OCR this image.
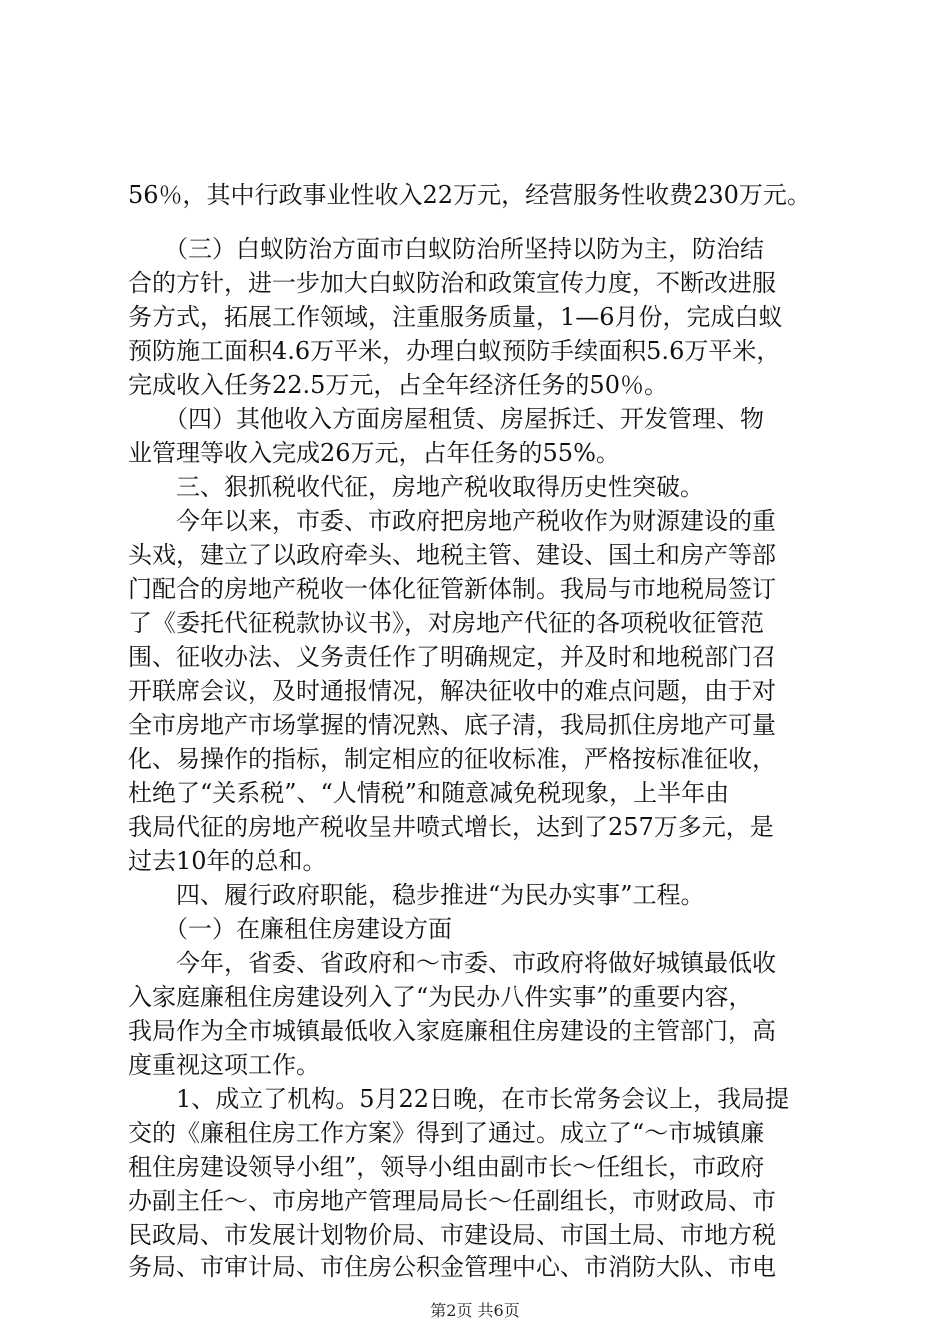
56％，其中行政事业性收入22万元，经营服务性收费230万元。
　　（三）白蚁防治方面市白蚁防治所坚持以防为主，防治结
合的方针，进一步加大白蚁防治和政策宣传力度，不断改进服
务方式，拓展工作领域，注重服务质量，1—6月份，完成白蚁
预防施工面积4.6万平米，办理白蚁预防手续面积5.6万平米，
完成收入任务22.5万元，占全年经济任务的50％。
　　（四）其他收入方面房屋租赁、房屋拆迁、开发管理、物
业管理等收入完成26万元，占年任务的55%。
　　三、狠抓税收代征，房地产税收取得历史性突破。
　　今年以来，市委、市政府把房地产税收作为财源建设的重
头戏，建立了以政府牵头、地税主管、建设、国土和房产等部
门配合的房地产税收一体化征管新体制。我局与市地税局签订
了《委托代征税款协议书》，对房地产代征的各项税收征管范
围、征收办法、义务责任作了明确规定，并及时和地税部门召
开联席会议，及时通报情况，解决征收中的难点问题，由于对
全市房地产市场掌握的情况熟、底子清，我局抓住房地产可量
化、易操作的指标，制定相应的征收标准，严格按标准征收，
杜绝了“关系税”、“人情税”和随意减免税现象，上半年由
我局代征的房地产税收呈井喷式增长，达到了257万多元，是
过去10年的总和。
　　四、履行政府职能，稳步推进“为民办实事”工程。
　　（一）在廉租住房建设方面
　　今年，省委、省政府和～市委、市政府将做好城镇最低收
入家庭廉租住房建设列入了“为民办八件实事”的重要内容，
我局作为全市城镇最低收入家庭廉租住房建设的主管部门，高
度重视这项工作。
　　1、成立了机构。5月22日晚，在市长常务会议上，我局提
交的《廉租住房工作方案》得到了通过。成立了“～市城镇廉
租住房建设领导小组”，领导小组由副市长～任组长，市政府
办副主任～、市房地产管理局局长～任副组长，市财政局、市
民政局、市发展计划物价局、市建设局、市国土局、市地方税
务局、市审计局、市住房公积金管理中心、市消防大队、市电
第2页 共6页
